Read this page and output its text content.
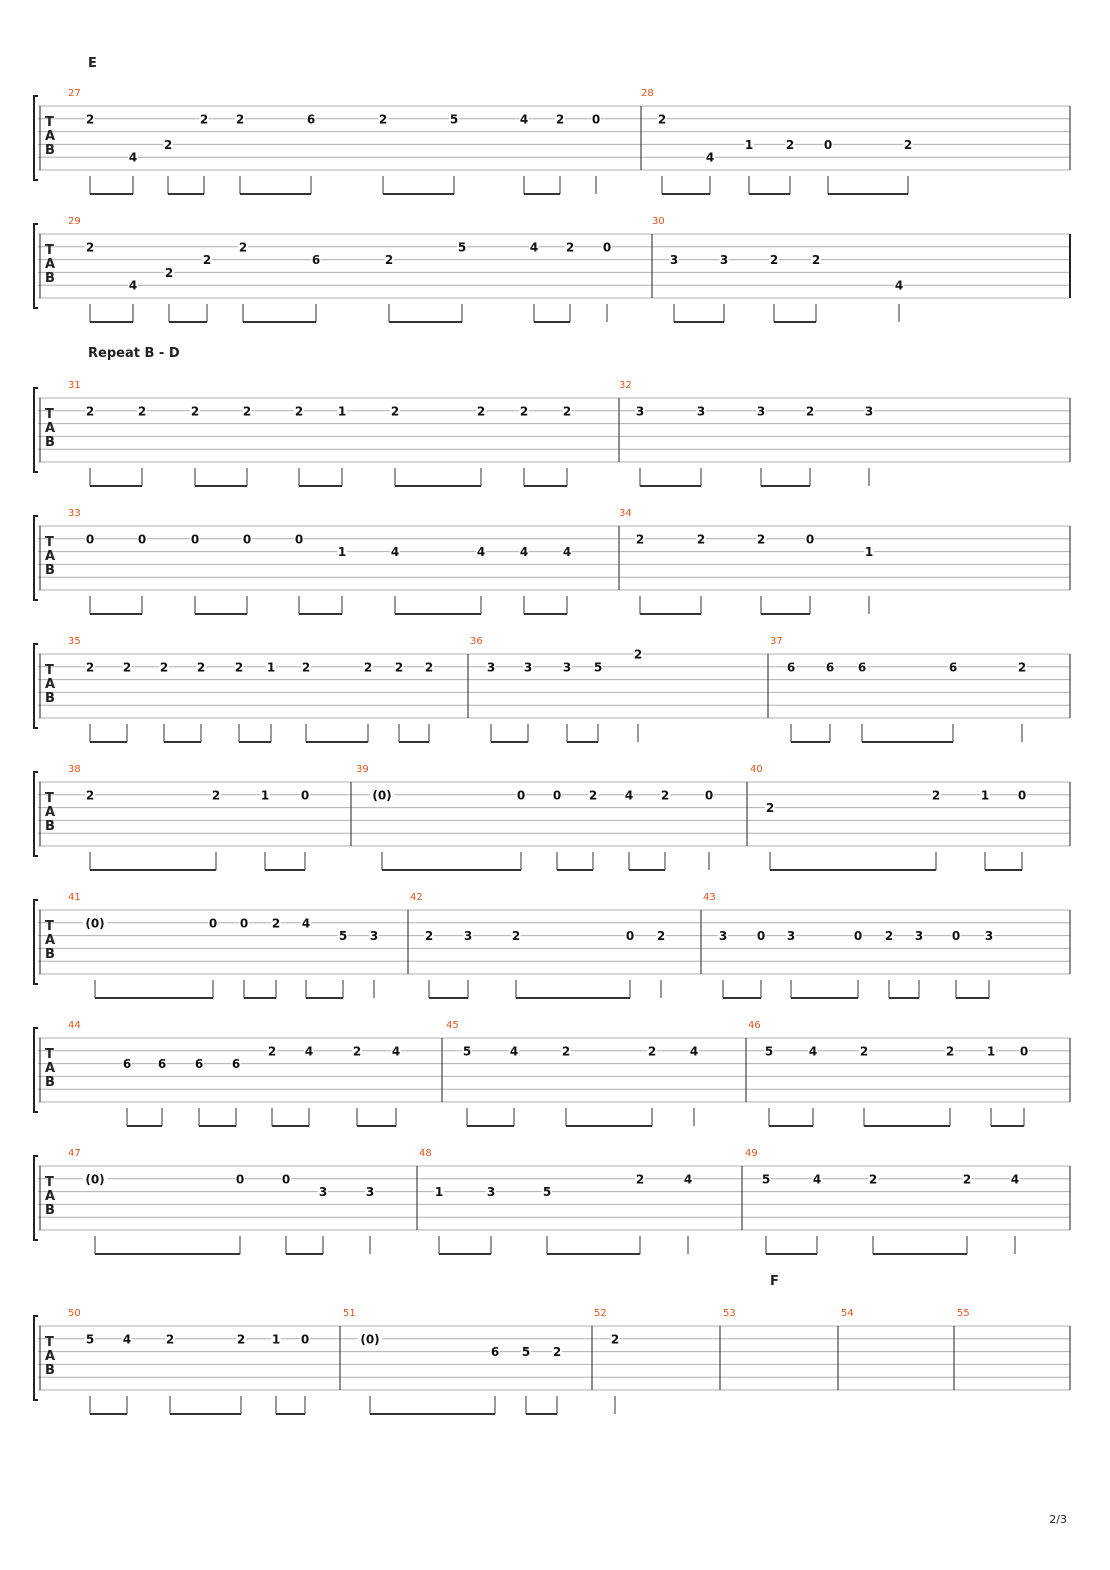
E
T
A
B
27
2
4
2
2 2	6	2	5	4 2 0
28
2
4
1	2 0	2
T
A
B
29
2
4
2
2
2
6	2
5	4 2 0
30
3	3	2	2
4
Repeat B - D
T
A
B
31
2	2	2	2	2	1	2	2	2	2
32
3	3	3	2	3
T
A
B
33
0	0	0	0	0
1	4	4	4	4
34
2	2	2	0
1
T
A
B
35
2 2 2 2 2 1 2	2 2 2
36
3 3	3 5
2
37
6	6 6	6	2
T
A
B
38
2	2	1	0
39
(0)	0 0 2 4 2	0
40
2
2	1 0
T
A
B
41
(0)	0 0 2 4
5 3
42
2	3	2	0 2
43
3 0 3	0 2 3 0 3
T
A
B
44
6 6 6 6
2 4	2	4
45
5	4	2	2	4
46
5	4	2	2	1 0
T
A
B
47
(0)	0	0
3	3
48
1	3	5
2	4
49
5	4	2	2	4
F
T
A
B
50
5 4	2	2 1 0
51
(0)
6 5 2
52
2
53	54	55
2/3
